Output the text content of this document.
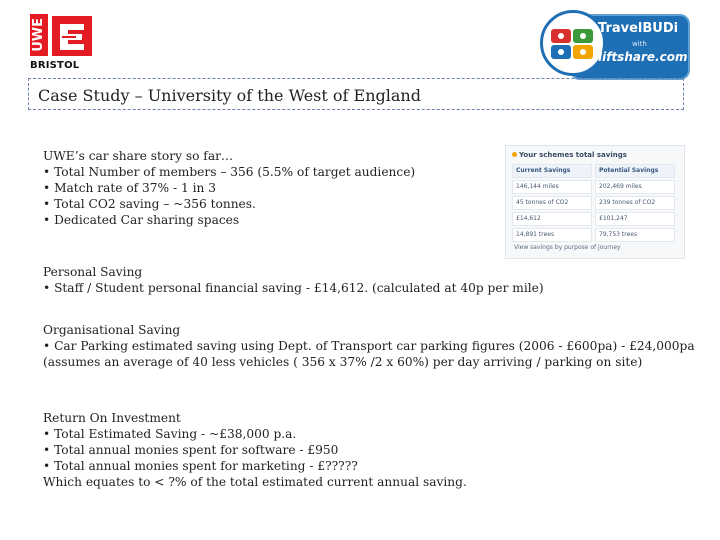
UWE
BRISTOL
TravelBUDi
with
liftshare.com
Case Study – University of the West of England
UWE’s car share story so far…
• Total Number of members – 356 (5.5% of target audience)
• Match rate of 37% - 1 in 3
• Total CO2 saving – ~356 tonnes.
• Dedicated Car sharing spaces
Your schemes total savings
Current Savings	Potential Savings
146,144 miles	202,469 miles
45 tonnes of CO2	239 tonnes of CO2
£14,612	£101,247
14,891 trees	79,753 trees
View savings by purpose of journey
Personal Saving
• Staff / Student personal financial saving - £14,612. (calculated at 40p per mile)
Organisational Saving
• Car Parking estimated saving using Dept. of Transport car parking figures (2006 - £600pa) - £24,000pa (assumes an average of 40 less vehicles ( 356 x 37% /2 x 60%) per day arriving / parking on site)
Return On Investment
• Total Estimated Saving - ~£38,000 p.a.
• Total annual monies spent for software - £950
• Total annual monies spent for marketing - £?????
Which equates to < ?% of the total estimated current annual saving.
